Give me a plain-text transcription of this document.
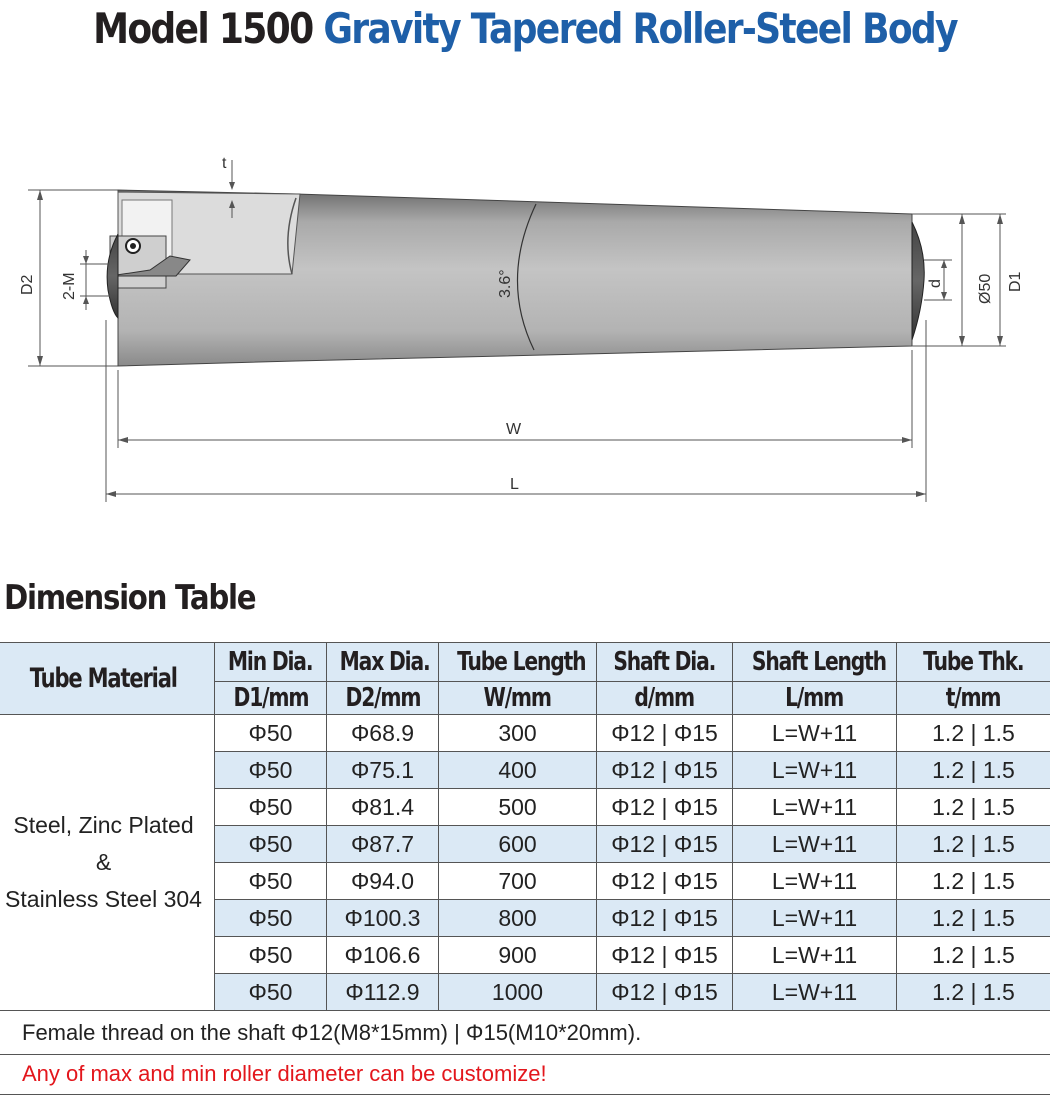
Model 1500 Gravity Tapered Roller-Steel Body
t
D2 2-M	3.6°	d Ø50 D1
W
L
Dimension Table
Tube Material	Min Dia.	Max Dia.	Tube Length	Shaft Dia.	Shaft Length	Tube Thk.
	D1/mm	D2/mm	W/mm	d/mm	L/mm	t/mm

Steel, Zinc Plated
&
Stainless Steel 304	Φ50	Φ68.9	300	Φ12 | Φ15	L=W+11	1.2 | 1.5
	Φ50	Φ75.1	400	Φ12 | Φ15	L=W+11	1.2 | 1.5
	Φ50	Φ81.4	500	Φ12 | Φ15	L=W+11	1.2 | 1.5
	Φ50	Φ87.7	600	Φ12 | Φ15	L=W+11	1.2 | 1.5
	Φ50	Φ94.0	700	Φ12 | Φ15	L=W+11	1.2 | 1.5
	Φ50	Φ100.3	800	Φ12 | Φ15	L=W+11	1.2 | 1.5
	Φ50	Φ106.6	900	Φ12 | Φ15	L=W+11	1.2 | 1.5
	Φ50	Φ112.9	1000	Φ12 | Φ15	L=W+11	1.2 | 1.5
Female thread on the shaft Φ12(M8*15mm) | Φ15(M10*20mm).
Any of max and min roller diameter can be customize!
